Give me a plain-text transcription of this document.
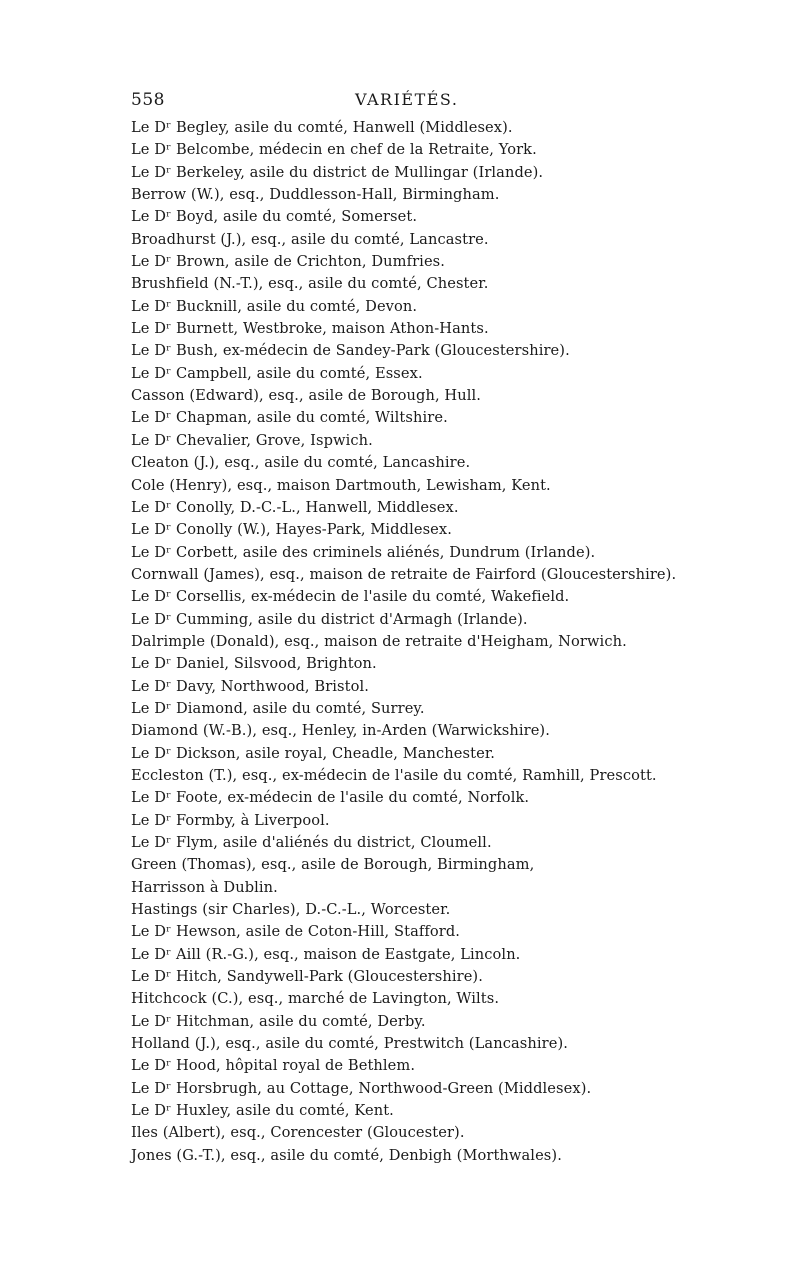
558	VARIÉTÉS.
Le Dʳ Begley, asile du comté, Hanwell (Middlesex).
Le Dʳ Belcombe, médecin en chef de la Retraite, York.
Le Dʳ Berkeley, asile du district de Mullingar (Irlande).
Berrow (W.), esq., Duddlesson-Hall, Birmingham.
Le Dʳ Boyd, asile du comté, Somerset.
Broadhurst (J.), esq., asile du comté, Lancastre.
Le Dʳ Brown, asile de Crichton, Dumfries.
Brushfield (N.-T.), esq., asile du comté, Chester.
Le Dʳ Bucknill, asile du comté, Devon.
Le Dʳ Burnett, Westbroke, maison Athon-Hants.
Le Dʳ Bush, ex-médecin de Sandey-Park (Gloucestershire).
Le Dʳ Campbell, asile du comté, Essex.
Casson (Edward), esq., asile de Borough, Hull.
Le Dʳ Chapman, asile du comté, Wiltshire.
Le Dʳ Chevalier, Grove, Ispwich.
Cleaton (J.), esq., asile du comté, Lancashire.
Cole (Henry), esq., maison Dartmouth, Lewisham, Kent.
Le Dʳ Conolly, D.-C.-L., Hanwell, Middlesex.
Le Dʳ Conolly (W.), Hayes-Park, Middlesex.
Le Dʳ Corbett, asile des criminels aliénés, Dundrum (Irlande).
Cornwall (James), esq., maison de retraite de Fairford (Gloucestershire).
Le Dʳ Corsellis, ex-médecin de l'asile du comté, Wakefield.
Le Dʳ Cumming, asile du district d'Armagh (Irlande).
Dalrimple (Donald), esq., maison de retraite d'Heigham, Norwich.
Le Dʳ Daniel, Silsvood, Brighton.
Le Dʳ Davy, Northwood, Bristol.
Le Dʳ Diamond, asile du comté, Surrey.
Diamond (W.-B.), esq., Henley, in-Arden (Warwickshire).
Le Dʳ Dickson, asile royal, Cheadle, Manchester.
Eccleston (T.), esq., ex-médecin de l'asile du comté, Ramhill, Prescott.
Le Dʳ Foote, ex-médecin de l'asile du comté, Norfolk.
Le Dʳ Formby, à Liverpool.
Le Dʳ Flym, asile d'aliénés du district, Cloumell.
Green (Thomas), esq., asile de Borough, Birmingham,
Harrisson à Dublin.
Hastings (sir Charles), D.-C.-L., Worcester.
Le Dʳ Hewson, asile de Coton-Hill, Stafford.
Le Dʳ Aill (R.-G.), esq., maison de Eastgate, Lincoln.
Le Dʳ Hitch, Sandywell-Park (Gloucestershire).
Hitchcock (C.), esq., marché de Lavington, Wilts.
Le Dʳ Hitchman, asile du comté, Derby.
Holland (J.), esq., asile du comté, Prestwitch (Lancashire).
Le Dʳ Hood, hôpital royal de Bethlem.
Le Dʳ Horsbrugh, au Cottage, Northwood-Green (Middlesex).
Le Dʳ Huxley, asile du comté, Kent.
Iles (Albert), esq., Corencester (Gloucester).
Jones (G.-T.), esq., asile du comté, Denbigh (Morthwales).
